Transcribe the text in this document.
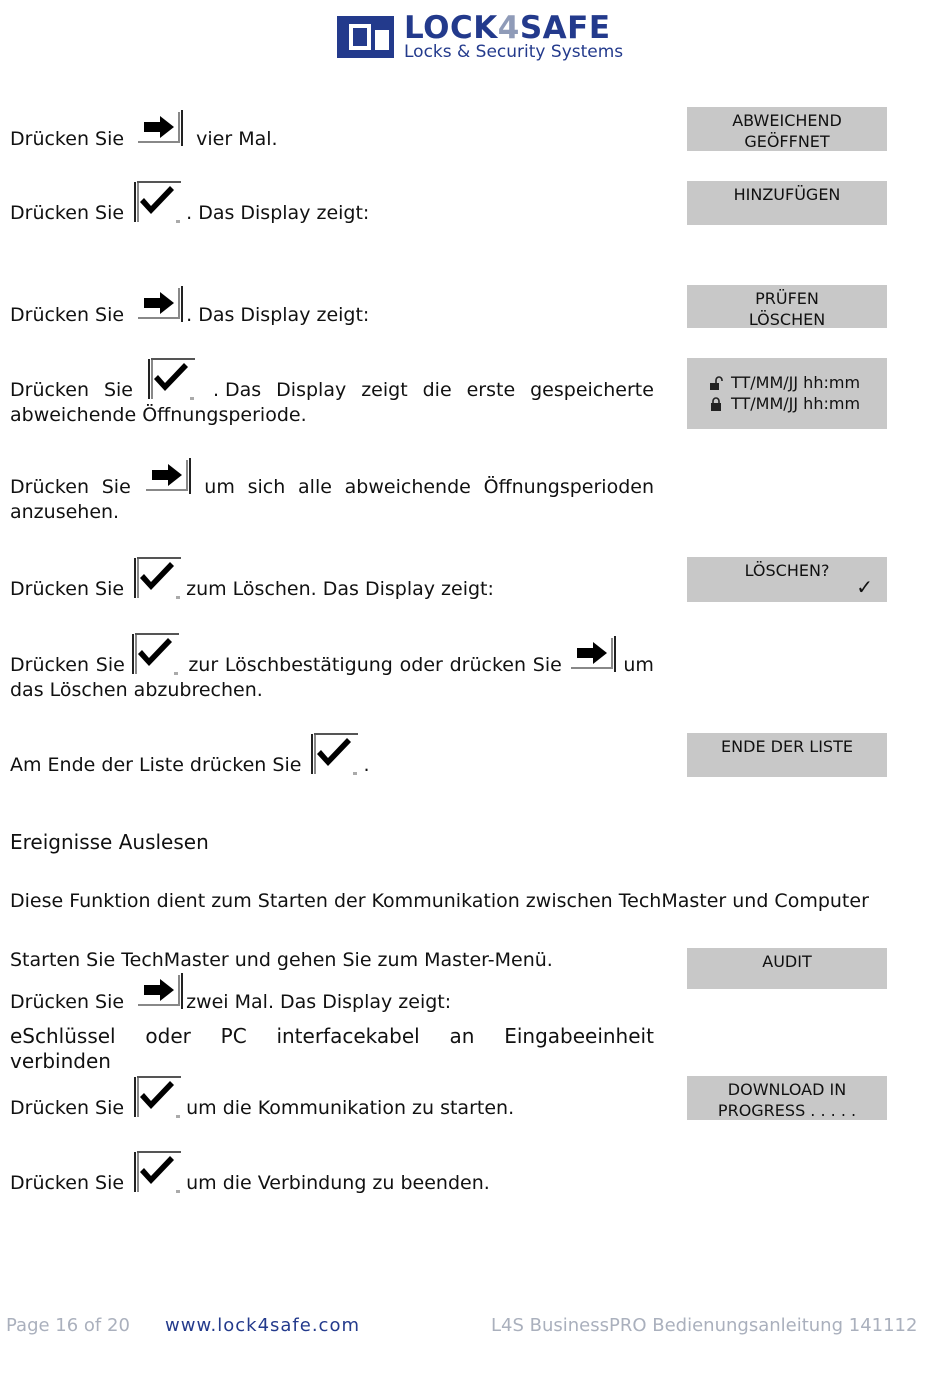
LOCK4SAFE
Locks & Security Systems
Drücken Sie	vier Mal.
Drücken Sie	. Das Display zeigt:
Drücken Sie	. Das Display zeigt:
Drücken Sie	. Das Display zeigt die erste gespeicherte
abweichende Öffnungsperiode.
Drücken Sie	um sich alle abweichende Öffnungsperioden
anzusehen.
Drücken Sie	zum Löschen. Das Display zeigt:
Drücken Sie	zur Löschbestätigung oder drücken Sie	um
das Löschen abzubrechen.
Am Ende der Liste drücken Sie	.
Ereignisse Auslesen
Diese Funktion dient zum Starten der Kommunikation zwischen TechMaster und Computer
Starten Sie TechMaster und gehen Sie zum Master-Menü.
Drücken Sie	zwei Mal. Das Display zeigt:
eSchlüssel oder PC interfacekabel an Eingabeeinheit
verbinden
Drücken Sie	um die Kommunikation zu starten.
Drücken Sie	um die Verbindung zu beenden.
ABWEICHEND
GEÖFFNET
HINZUFÜGEN
PRÜFEN
LÖSCHEN
TT/MM/JJ hh:mm
TT/MM/JJ hh:mm
LÖSCHEN?
✓
ENDE DER LISTE
AUDIT
DOWNLOAD IN
PROGRESS . . . . .
Page 16 of 20 www.lock4safe.com	L4S BusinessPRO Bedienungsanleitung 141112
